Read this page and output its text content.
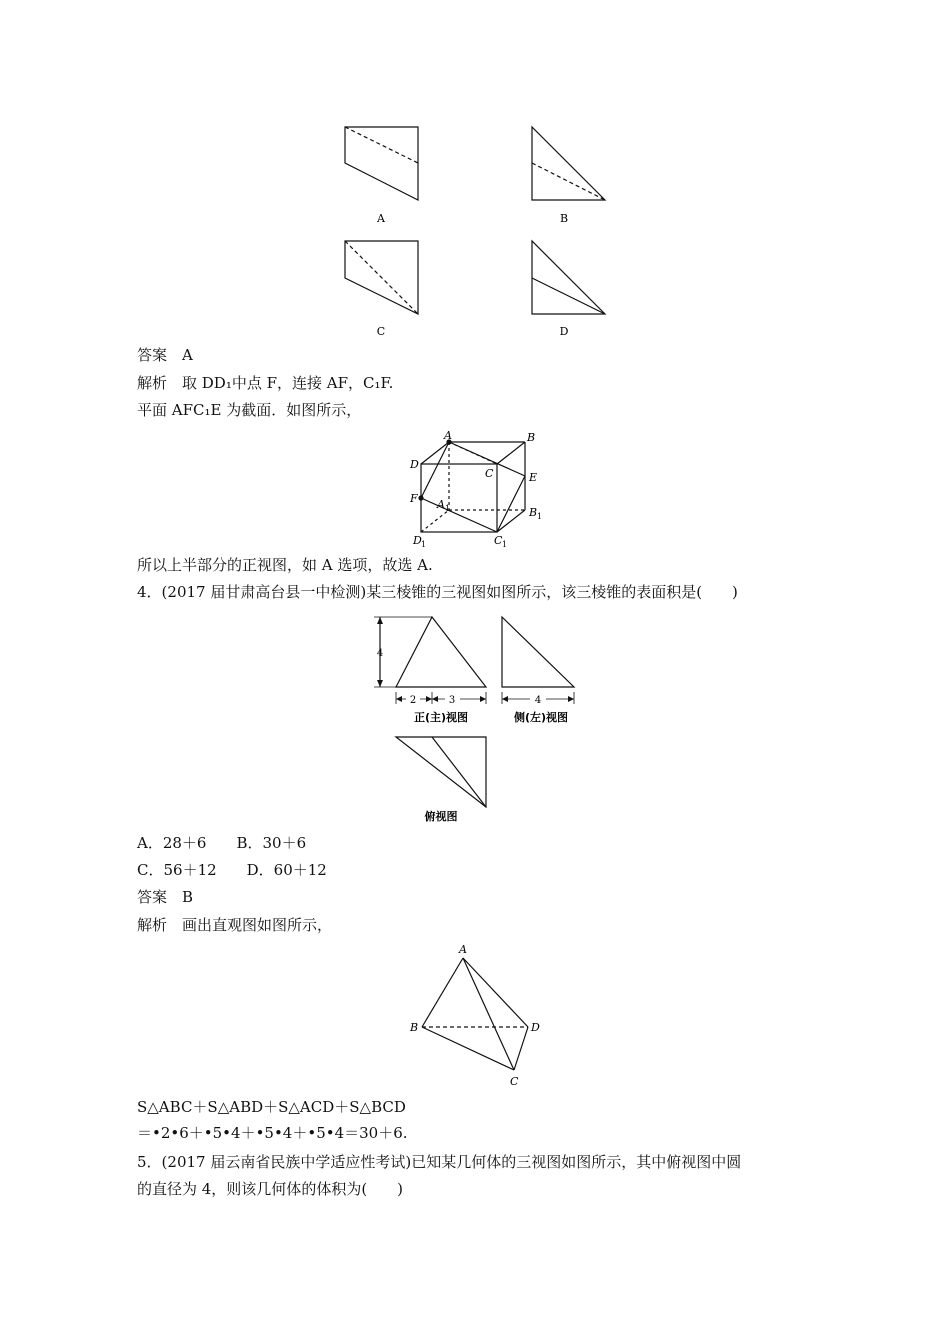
A	B
C	D
A	B
C
D
E
F A 1	B 1
C 1
D 1
4
2	3	4
正(主)视图	侧(左)视图
俯视图
A
B
C
D
答案　A
解析　取 DD₁中点 F，连接 AF，C₁F.
平面 AFC₁E 为截面．如图所示，
所以上半部分的正视图，如 A 选项，故选 A.
4．(2017 届甘肃高台县一中检测)某三棱锥的三视图如图所示，该三棱锥的表面积是(　　)
A．28＋6　　B．30＋6
C．56＋12　　D．60＋12
答案　B
解析　画出直观图如图所示，
S△ABC＋S△ABD＋S△ACD＋S△BCD
＝•2•6＋•5•4＋•5•4＋•5•4＝30＋6.
5．(2017 届云南省民族中学适应性考试)已知某几何体的三视图如图所示，其中俯视图中圆
的直径为 4，则该几何体的体积为(　　)
